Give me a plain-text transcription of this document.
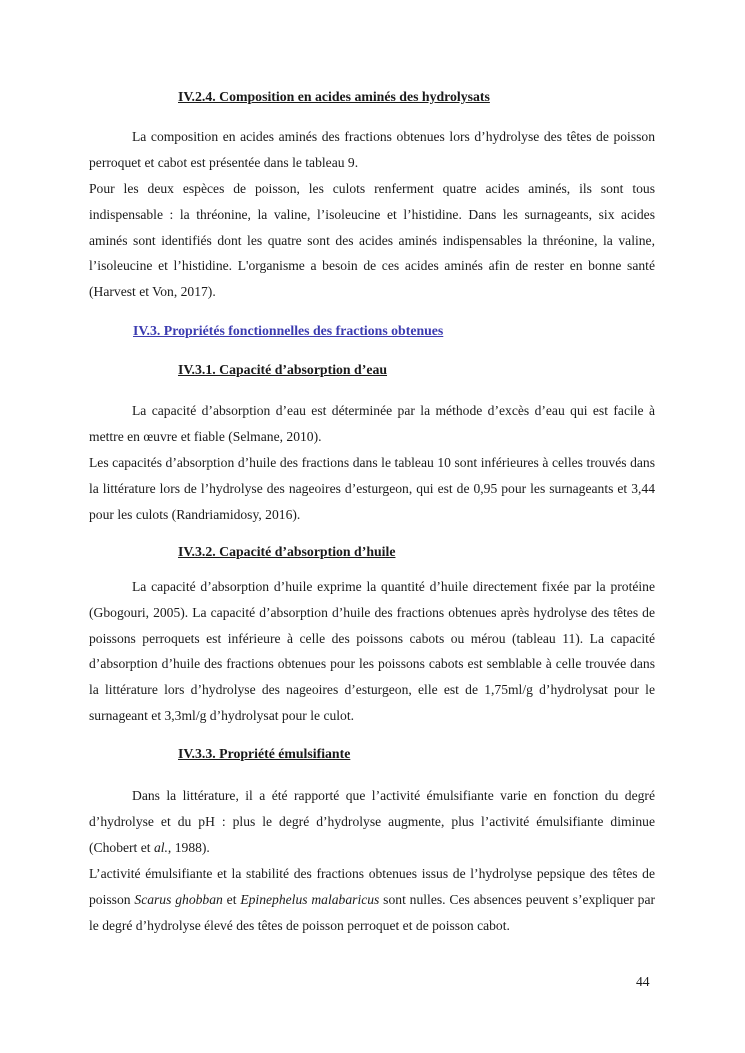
IV.2.4. Composition en acides aminés des hydrolysats

La composition en acides aminés des fractions obtenues lors d’hydrolyse des têtes de poisson perroquet et cabot est présentée dans le tableau 9.

Pour les deux espèces de poisson, les culots renferment quatre acides aminés, ils sont tous indispensable : la thréonine, la valine, l’isoleucine et l’histidine. Dans les surnageants, six acides aminés sont identifiés dont les quatre sont des acides aminés indispensables la thréonine, la valine, l’isoleucine et l’histidine. L'organisme a besoin de ces acides aminés afin de rester en bonne santé (Harvest et Von, 2017).

IV.3. Propriétés fonctionnelles des fractions obtenues
IV.3.1. Capacité d’absorption d’eau

La capacité d’absorption d’eau est déterminée par la méthode d’excès d’eau qui est facile à mettre en œuvre et fiable (Selmane, 2010).

Les capacités d’absorption d’huile des fractions dans le tableau 10 sont inférieures à celles trouvés dans la littérature lors de l’hydrolyse des nageoires d’esturgeon, qui est de 0,95 pour les surnageants et 3,44 pour les culots (Randriamidosy, 2016).

IV.3.2. Capacité d’absorption d’huile

La capacité d’absorption d’huile exprime la quantité d’huile directement fixée par la protéine (Gbogouri, 2005). La capacité d’absorption d’huile des fractions obtenues après hydrolyse des têtes de poissons perroquets est inférieure à celle des poissons cabots ou mérou (tableau 11). La capacité d’absorption d’huile des fractions obtenues pour les poissons cabots est semblable à celle trouvée dans la littérature lors d’hydrolyse des nageoires d’esturgeon, elle est de 1,75ml/g d’hydrolysat pour le surnageant et 3,3ml/g d’hydrolysat pour le culot.

IV.3.3. Propriété émulsifiante

Dans la littérature, il a été rapporté que l’activité émulsifiante varie en fonction du degré d’hydrolyse et du pH : plus le degré d’hydrolyse augmente, plus l’activité émulsifiante diminue (Chobert et al., 1988).

L’activité émulsifiante et la stabilité des fractions obtenues issus de l’hydrolyse pepsique des têtes de poisson Scarus ghobban et Epinephelus malabaricus sont nulles. Ces absences peuvent s’expliquer par le degré d’hydrolyse élevé des têtes de poisson perroquet et de poisson cabot.

44
